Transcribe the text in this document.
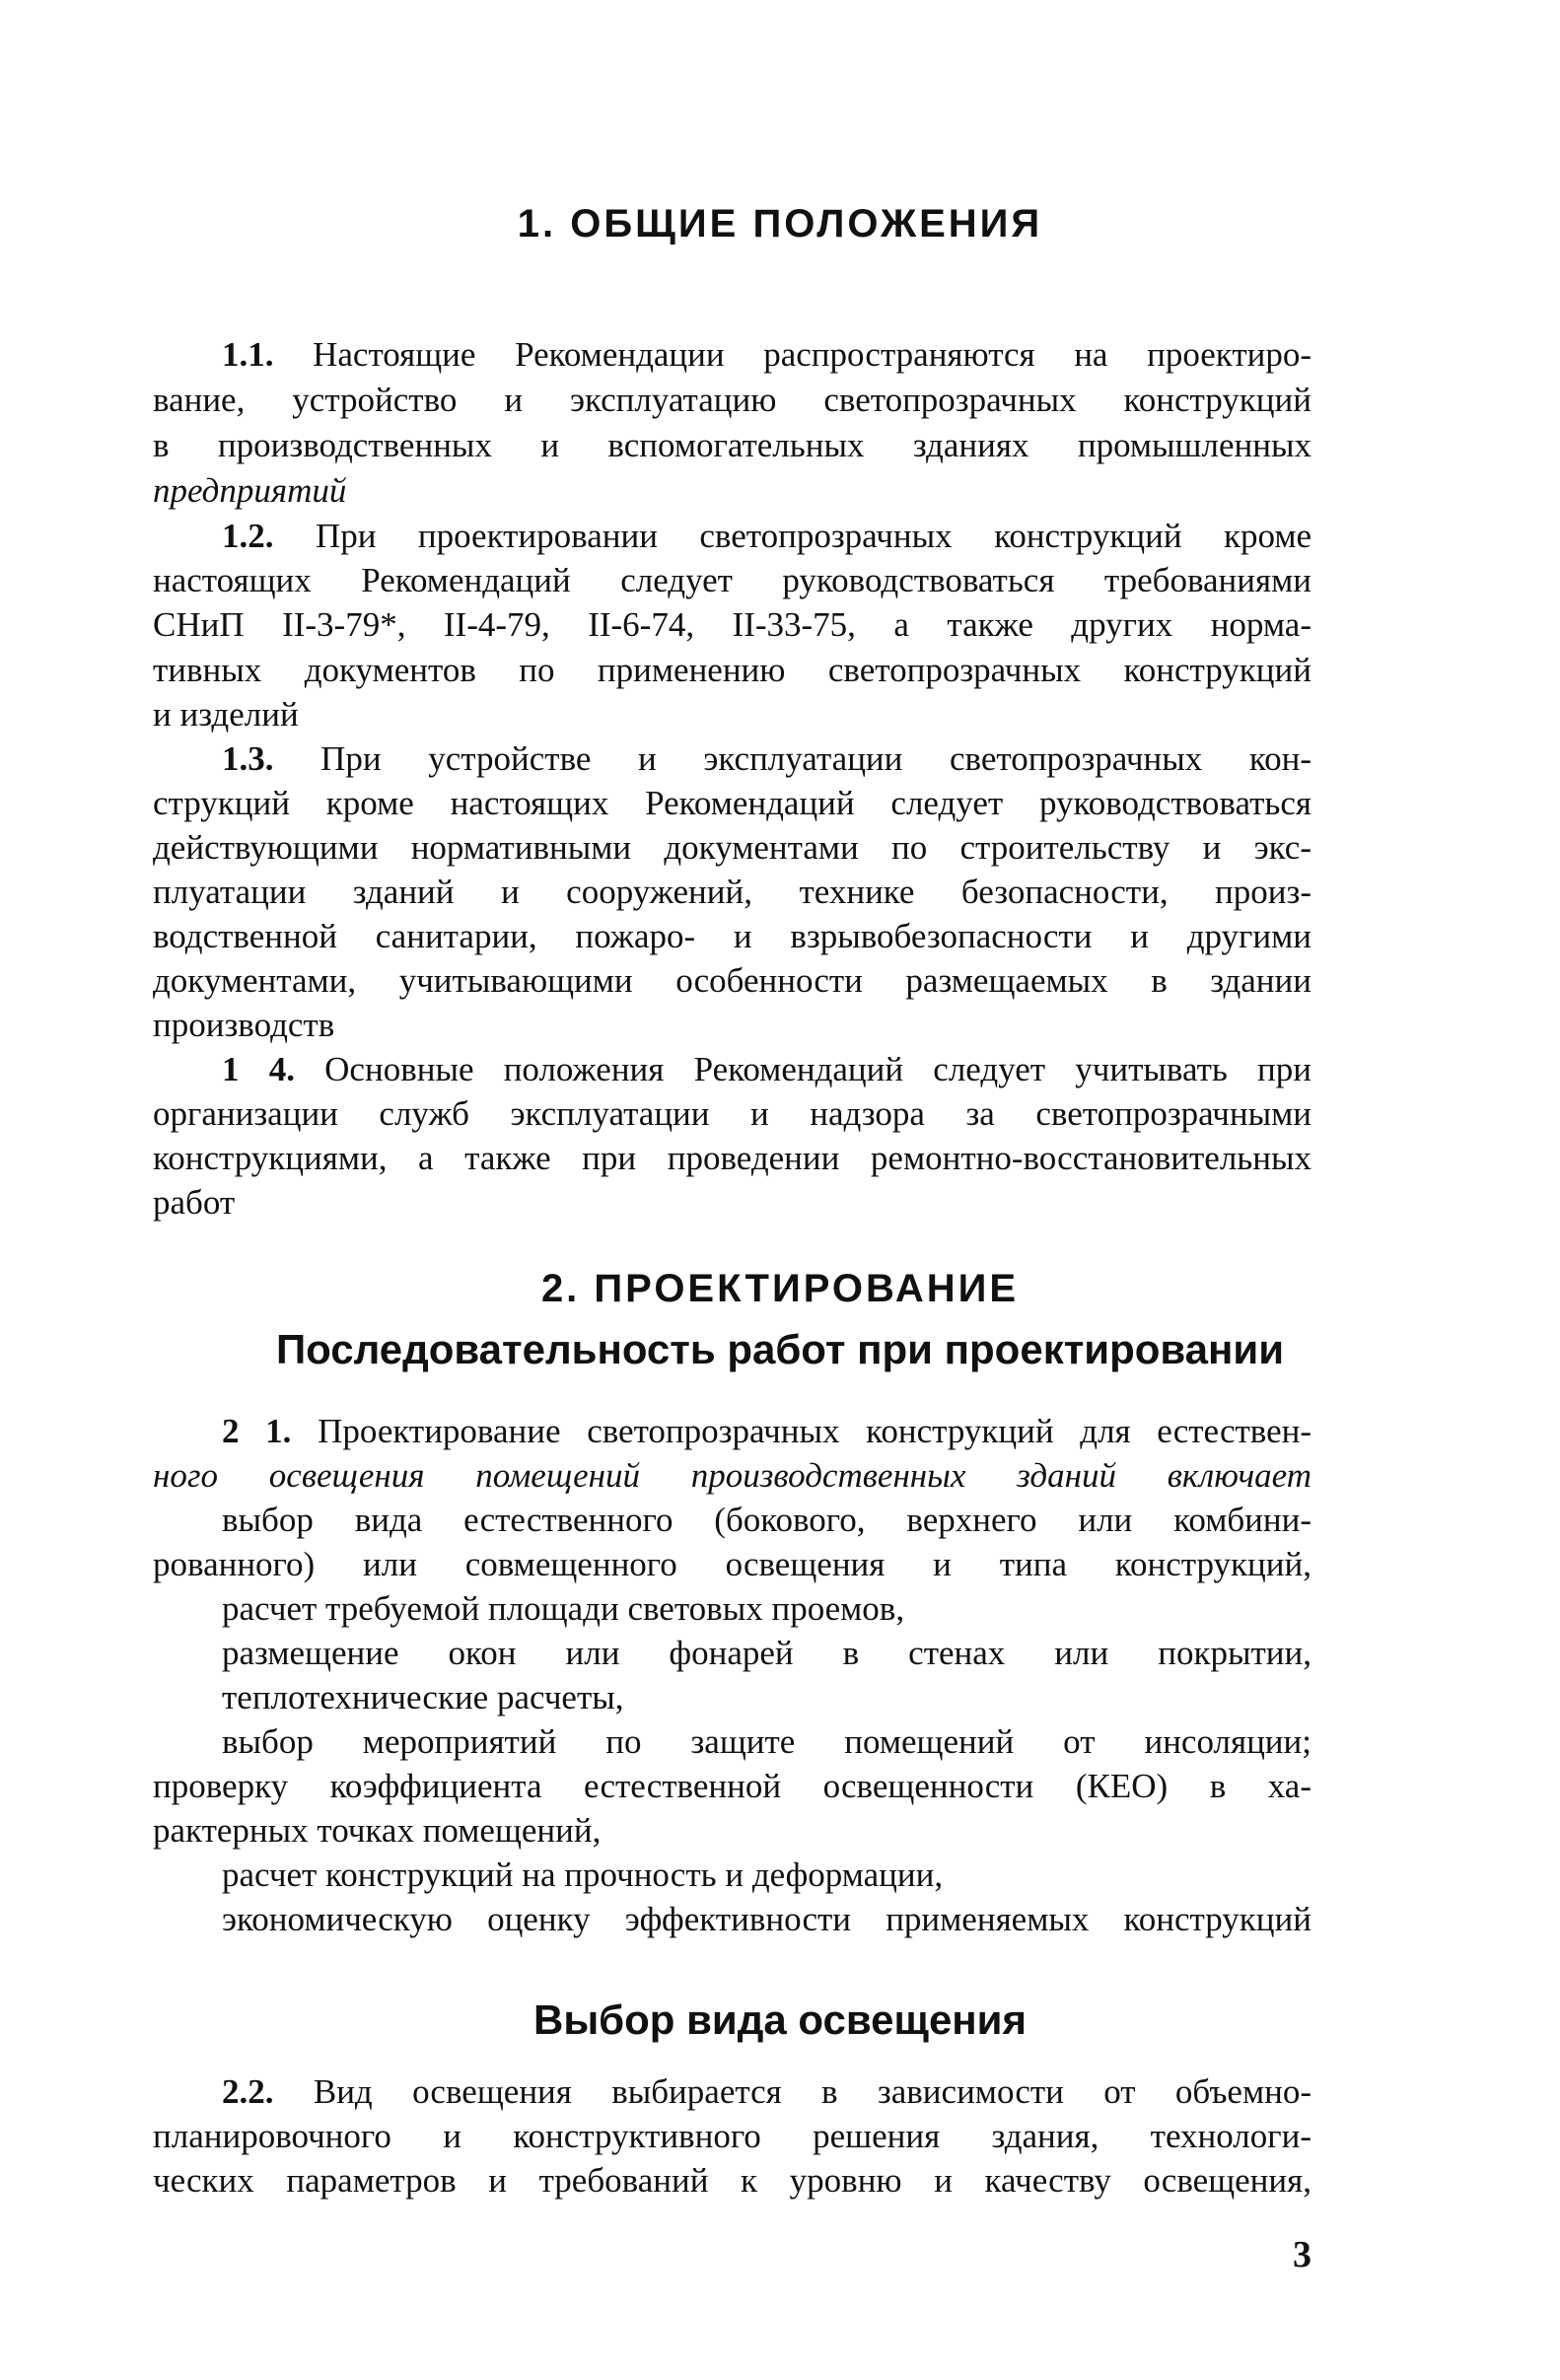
1. ОБЩИЕ ПОЛОЖЕНИЯ
1.1. Настоящие Рекомендации распространяются на проектиро-
вание, устройство и эксплуатацию светопрозрачных конструкций
в производственных и вспомогательных зданиях промышленных
предприятий
1.2. При проектировании светопрозрачных конструкций кроме
настоящих Рекомендаций следует руководствоваться требованиями
СНиП II-3-79*, II-4-79, II-6-74, II-33-75, а также других норма-
тивных документов по применению светопрозрачных конструкций
и изделий
1.3. При устройстве и эксплуатации светопрозрачных кон-
струкций кроме настоящих Рекомендаций следует руководствоваться
действующими нормативными документами по строительству и экс-
плуатации зданий и сооружений, технике безопасности, произ-
водственной санитарии, пожаро- и взрывобезопасности и другими
документами, учитывающими особенности размещаемых в здании
производств
1 4. Основные положения Рекомендаций следует учитывать при
организации служб эксплуатации и надзора за светопрозрачными
конструкциями, а также при проведении ремонтно-восстановительных
работ
2. ПРОЕКТИРОВАНИЕ
Последовательность работ при проектировании
2 1. Проектирование светопрозрачных конструкций для естествен-
ного освещения помещений производственных зданий включает
выбор вида естественного (бокового, верхнего или комбини-
рованного) или совмещенного освещения и типа конструкций,
расчет требуемой площади световых проемов,
размещение окон или фонарей в стенах или покрытии,
теплотехнические расчеты,
выбор мероприятий по защите помещений от инсоляции;
проверку коэффициента естественной освещенности (КЕО) в ха-
рактерных точках помещений,
расчет конструкций на прочность и деформации,
экономическую оценку эффективности применяемых конструкций
Выбор вида освещения
2.2. Вид освещения выбирается в зависимости от объемно-
планировочного и конструктивного решения здания, технологи-
ческих параметров и требований к уровню и качеству освещения,
3
